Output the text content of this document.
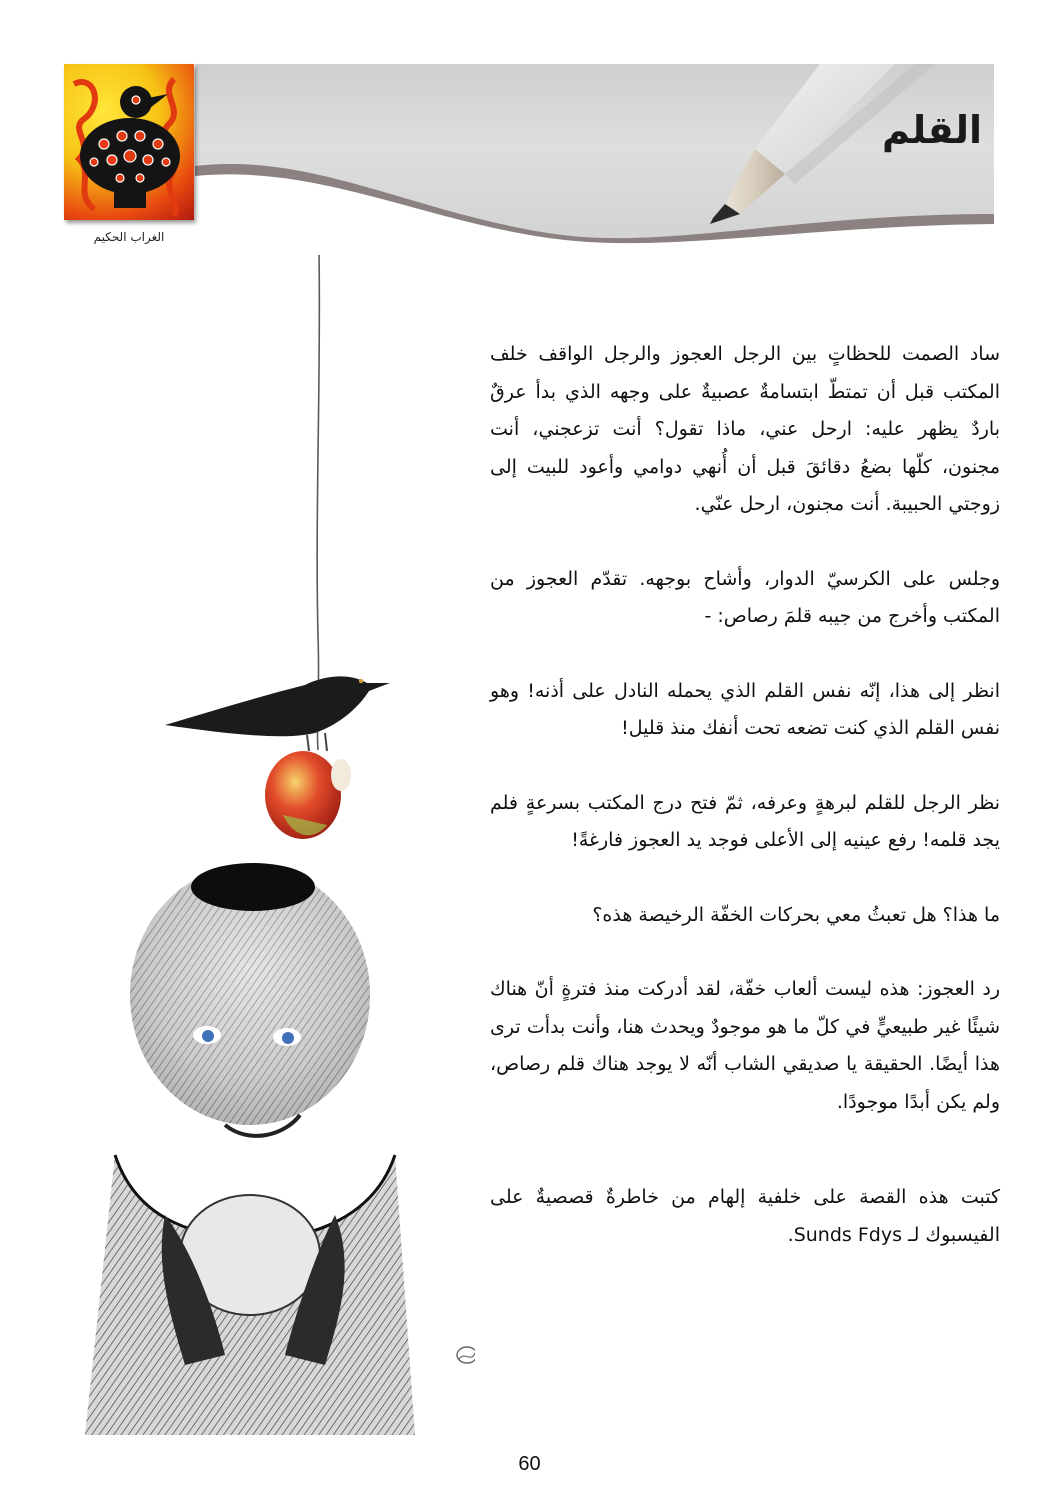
القلم
الغراب الحكيم

ساد الصمت للحظاتٍ بين الرجل العجوز والرجل الواقف خلف المكتب قبل أن تمتطّ ابتسامةٌ عصبيةٌ على وجهه الذي بدأ عرقٌ باردٌ يظهر عليه: ارحل عني، ماذا تقول؟ أنت تزعجني، أنت مجنون، كلّها بضعُ دقائقَ قبل أن أُنهي دوامي وأعود للبيت إلى زوجتي الحبيبة. أنت مجنون، ارحل عنّي.

وجلس على الكرسيّ الدوار، وأشاح بوجهه. تقدّم العجوز من المكتب وأخرج من جيبه قلمَ رصاص: -

انظر إلى هذا، إنّه نفس القلم الذي يحمله النادل على أذنه! وهو نفس القلم الذي كنت تضعه تحت أنفك منذ قليل!

نظر الرجل للقلم لبرهةٍ وعرفه، ثمّ فتح درج المكتب بسرعةٍ فلم يجد قلمه! رفع عينيه إلى الأعلى فوجد يد العجوز فارغةً!

ما هذا؟ هل تعبثُ معي بحركات الخفّة الرخيصة هذه؟

رد العجوز: هذه ليست ألعاب خفّة، لقد أدركت منذ فترةٍ أنّ هناك شيئًا غير طبيعيٍّ في كلّ ما هو موجودٌ ويحدث هنا، وأنت بدأت ترى هذا أيضًا. الحقيقة يا صديقي الشاب أنّه لا يوجد هناك قلم رصاص، ولم يكن أبدًا موجودًا.

كتبت هذه القصة على خلفية إلهام من خاطرةٌ قصصيةٌ على الفيسبوك لـ Sunds Fdys.

60
